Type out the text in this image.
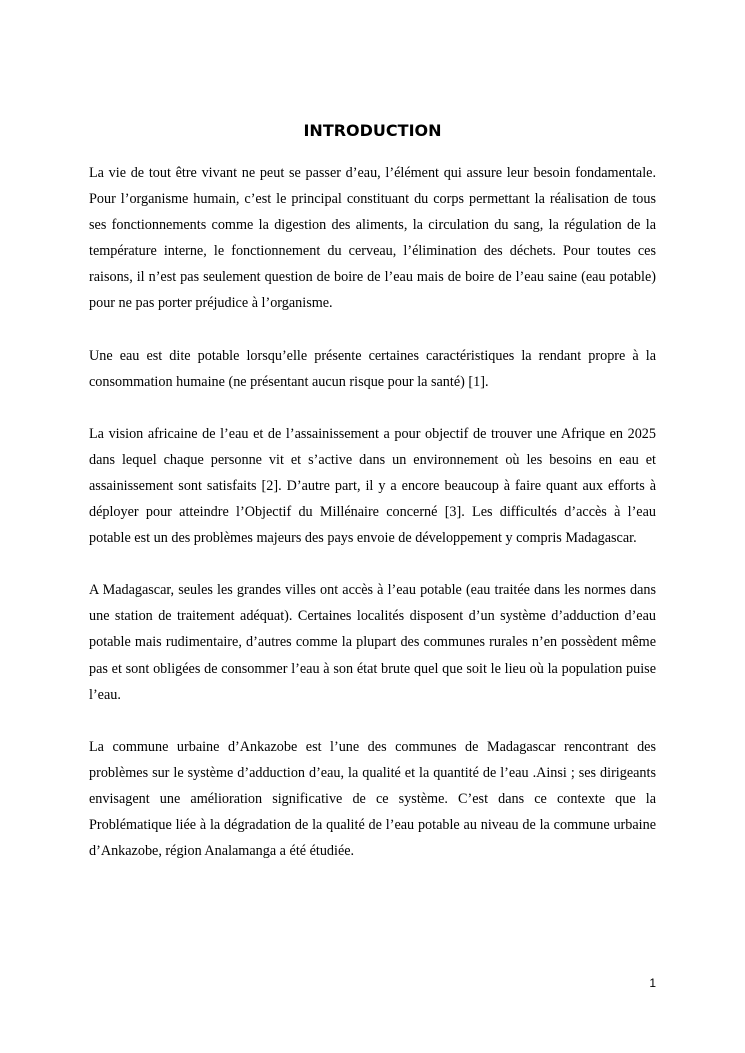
INTRODUCTION

La vie de tout être vivant ne peut se passer d’eau, l’élément qui assure leur besoin fondamentale. Pour l’organisme humain, c’est le principal constituant du corps permettant la réalisation de tous ses fonctionnements comme la digestion des aliments, la circulation du sang, la régulation de la température interne, le fonctionnement du cerveau, l’élimination des déchets. Pour toutes ces raisons, il n’est pas seulement question de boire de l’eau mais de boire de l’eau saine (eau potable) pour ne pas porter préjudice à l’organisme.

Une eau est dite potable lorsqu’elle présente certaines caractéristiques la rendant propre à la consommation humaine (ne présentant aucun risque pour la santé) [1].

La vision africaine de l’eau et de l’assainissement a pour objectif de trouver une Afrique en 2025 dans lequel chaque personne vit et s’active dans un environnement où les besoins en eau et assainissement sont satisfaits [2]. D’autre part, il y a encore beaucoup à faire quant aux efforts à déployer pour atteindre l’Objectif du Millénaire concerné [3]. Les difficultés d’accès à l’eau potable est un des problèmes majeurs des pays envoie de développement y compris Madagascar.

A Madagascar, seules les grandes villes ont accès à l’eau potable (eau traitée dans les normes dans une station de traitement adéquat). Certaines localités disposent d’un système d’adduction d’eau potable mais rudimentaire, d’autres comme la plupart des communes rurales n’en possèdent même pas et sont obligées de consommer l’eau à son état brute quel que soit le lieu où la population puise l’eau.

La commune urbaine d’Ankazobe est l’une des communes de Madagascar rencontrant des problèmes sur le système d’adduction d’eau, la qualité et la quantité de l’eau .Ainsi ; ses dirigeants envisagent une amélioration significative de ce système. C’est dans ce contexte que la Problématique liée à la dégradation de la qualité de l’eau potable au niveau de la commune urbaine d’Ankazobe, région Analamanga a été étudiée.

1
